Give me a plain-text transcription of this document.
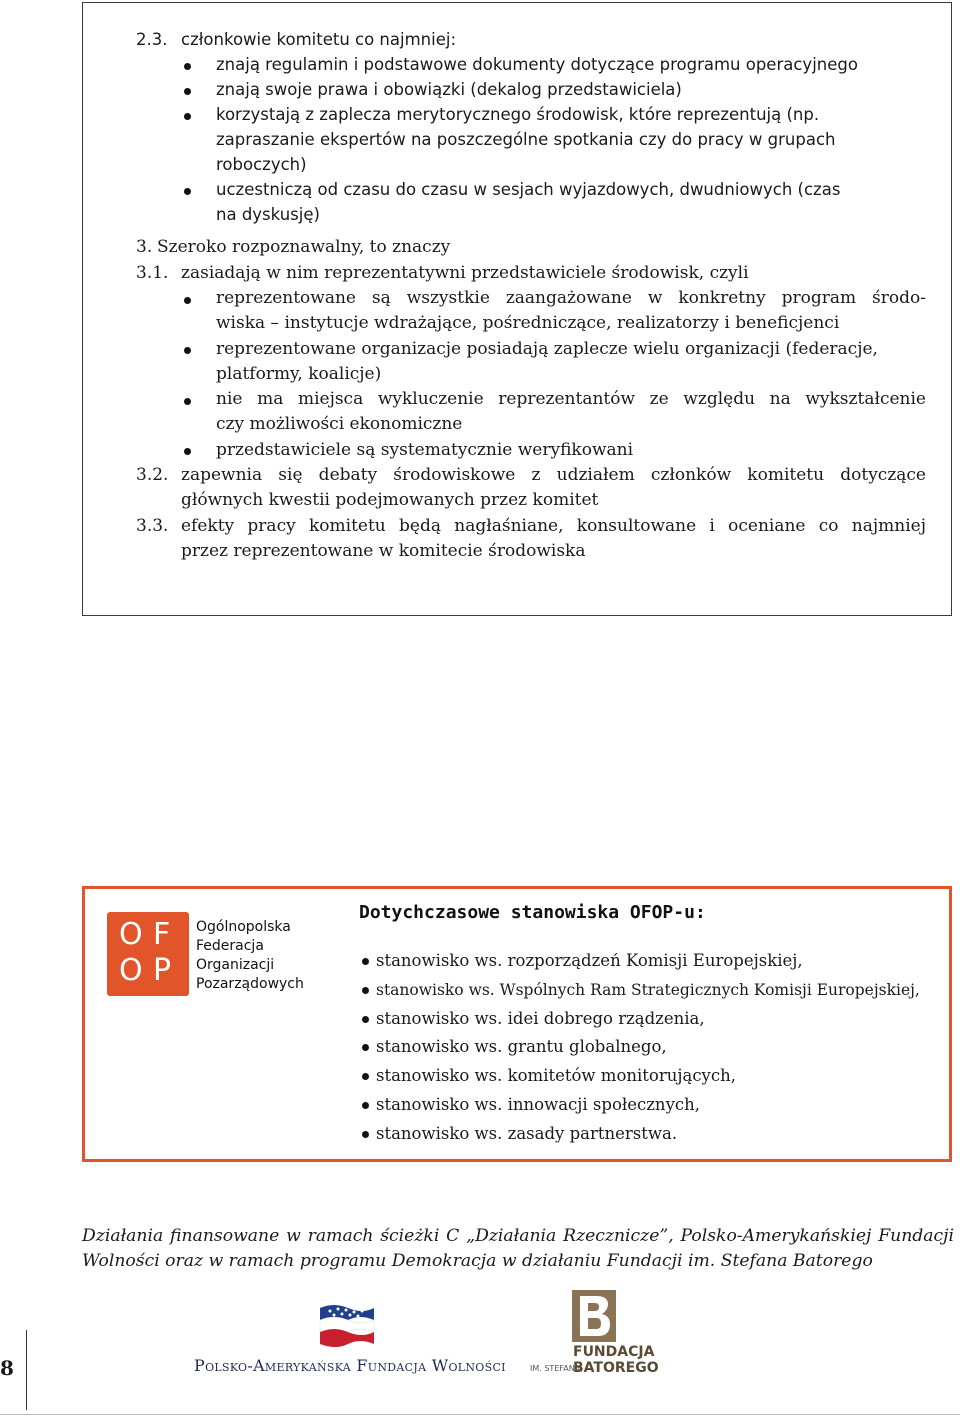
2.3. członkowie komitetu co najmniej:
znają regulamin i podstawowe dokumenty dotyczące programu operacyjnego
znają swoje prawa i obowiązki (dekalog przedstawiciela)
korzystają z zaplecza merytorycznego środowisk, które reprezentują (np.
zapraszanie ekspertów na poszczególne spotkania czy do pracy w grupach
roboczych)
uczestniczą od czasu do czasu w sesjach wyjazdowych, dwudniowych (czas
na dyskusję)
3. Szeroko rozpoznawalny, to znaczy
3.1. zasiadają w nim reprezentatywni przedstawiciele środowisk, czyli
reprezentowane są wszystkie zaangażowane w konkretny program środo-
wiska – instytucje wdrażające, pośredniczące, realizatorzy i beneficjenci
reprezentowane organizacje posiadają zaplecze wielu organizacji (federacje,
platformy, koalicje)
nie ma miejsca wykluczenie reprezentantów ze względu na wykształcenie
czy możliwości ekonomiczne
przedstawiciele są systematycznie weryfikowani
3.2. zapewnia się debaty środowiskowe z udziałem członków komitetu dotyczące
głównych kwestii podejmowanych przez komitet
3.3. efekty pracy komitetu będą nagłaśniane, konsultowane i oceniane co najmniej
przez reprezentowane w komitecie środowiska
O F
O P
Ogólnopolska
Federacja
Organizacji
Pozarządowych
Dotychczasowe stanowiska OFOP-u:
stanowisko ws. rozporządzeń Komisji Europejskiej,
stanowisko ws. Wspólnych Ram Strategicznych Komisji Europejskiej,
stanowisko ws. idei dobrego rządzenia,
stanowisko ws. grantu globalnego,
stanowisko ws. komitetów monitorujących,
stanowisko ws. innowacji społecznych,
stanowisko ws. zasady partnerstwa.
Działania finansowane w ramach ścieżki C „Działania Rzecznicze”, Polsko-Amerykańskiej Fundacji
Wolności oraz w ramach programu Demokracja w działaniu Fundacji im. Stefana Batorego
8	Polsko-Amerykańska Fundacja Wolności	IM. STEFANA
FUNDACJA
BATOREGO
